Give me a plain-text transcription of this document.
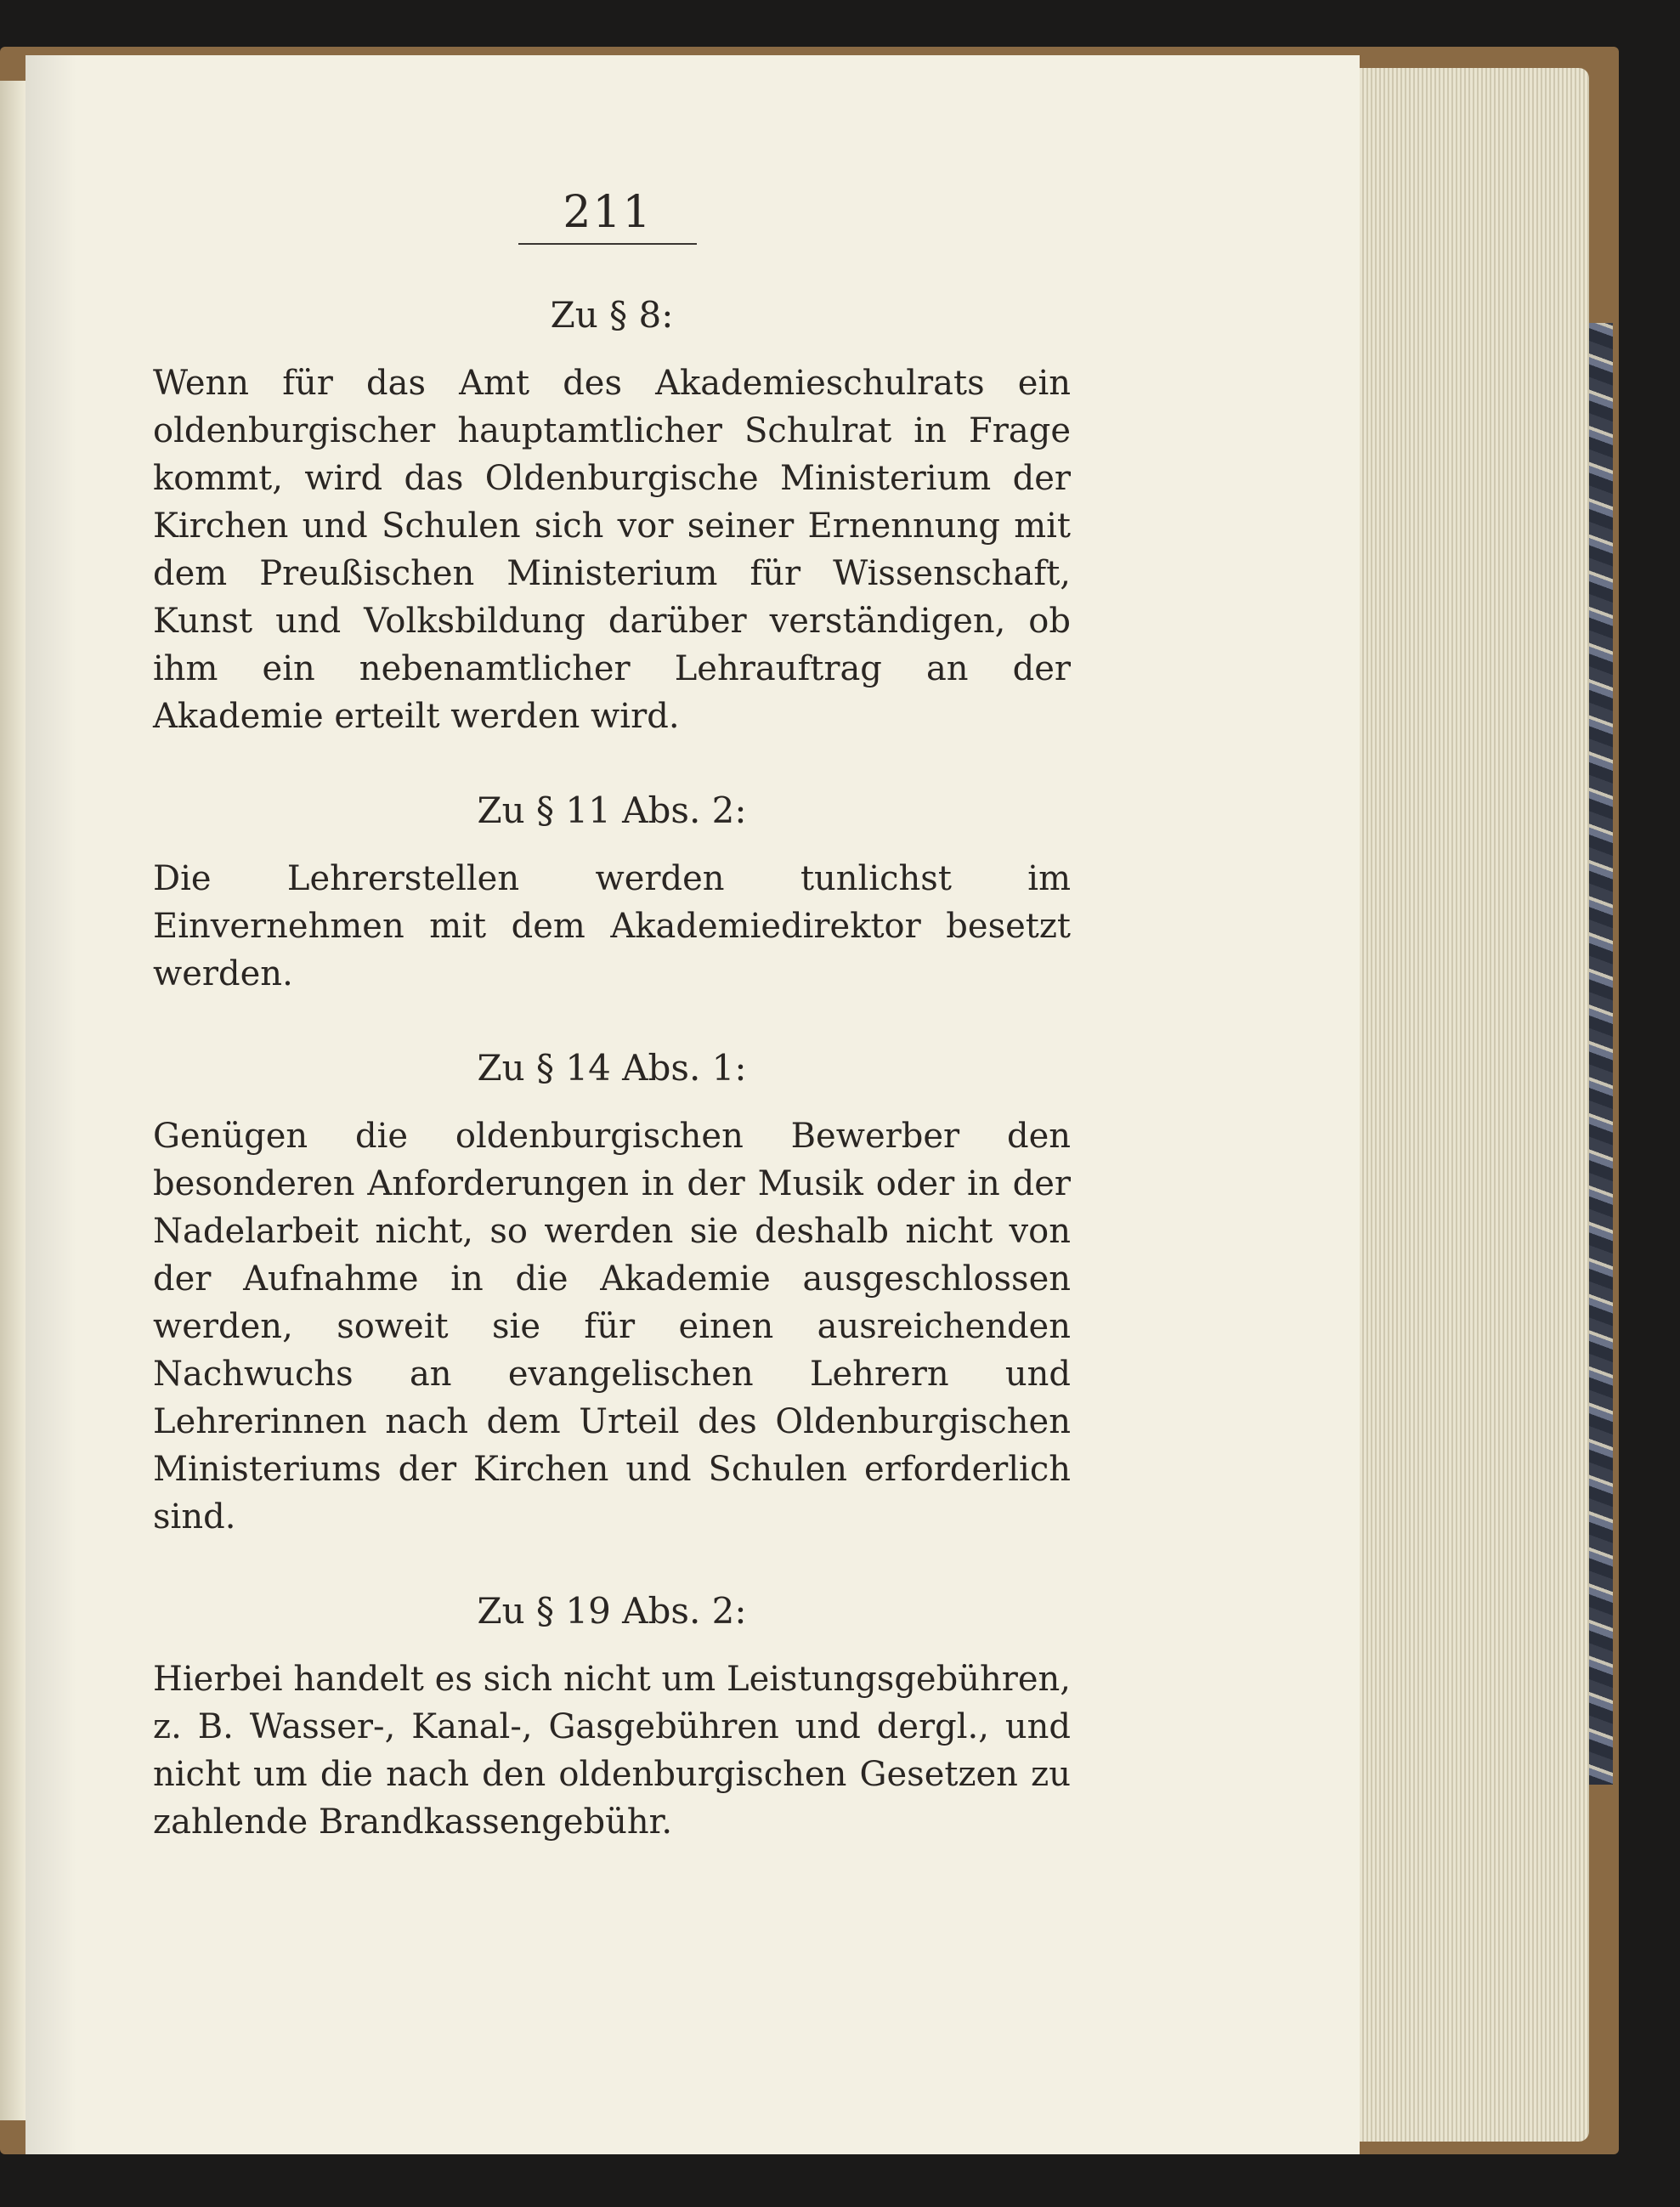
211
Zu § 8:

Wenn für das Amt des Akademieschulrats ein oldenburgischer hauptamtlicher Schulrat in Frage kommt, wird das Oldenburgische Ministerium der Kirchen und Schulen sich vor seiner Ernennung mit dem Preußischen Ministerium für Wissenschaft, Kunst und Volksbildung darüber verständigen, ob ihm ein nebenamtlicher Lehrauftrag an der Akademie erteilt werden wird.

Zu § 11 Abs. 2:

Die Lehrerstellen werden tunlichst im Einvernehmen mit dem Akademiedirektor besetzt werden.

Zu § 14 Abs. 1:

Genügen die oldenburgischen Bewerber den besonderen Anforderungen in der Musik oder in der Nadelarbeit nicht, so werden sie deshalb nicht von der Aufnahme in die Akademie ausgeschlossen werden, soweit sie für einen ausreichenden Nachwuchs an evangelischen Lehrern und Lehrerinnen nach dem Urteil des Oldenburgischen Ministeriums der Kirchen und Schulen erforderlich sind.

Zu § 19 Abs. 2:

Hierbei handelt es sich nicht um Leistungsgebühren, z. B. Wasser-, Kanal-, Gasgebühren und dergl., und nicht um die nach den oldenburgischen Gesetzen zu zahlende Brandkassengebühr.
